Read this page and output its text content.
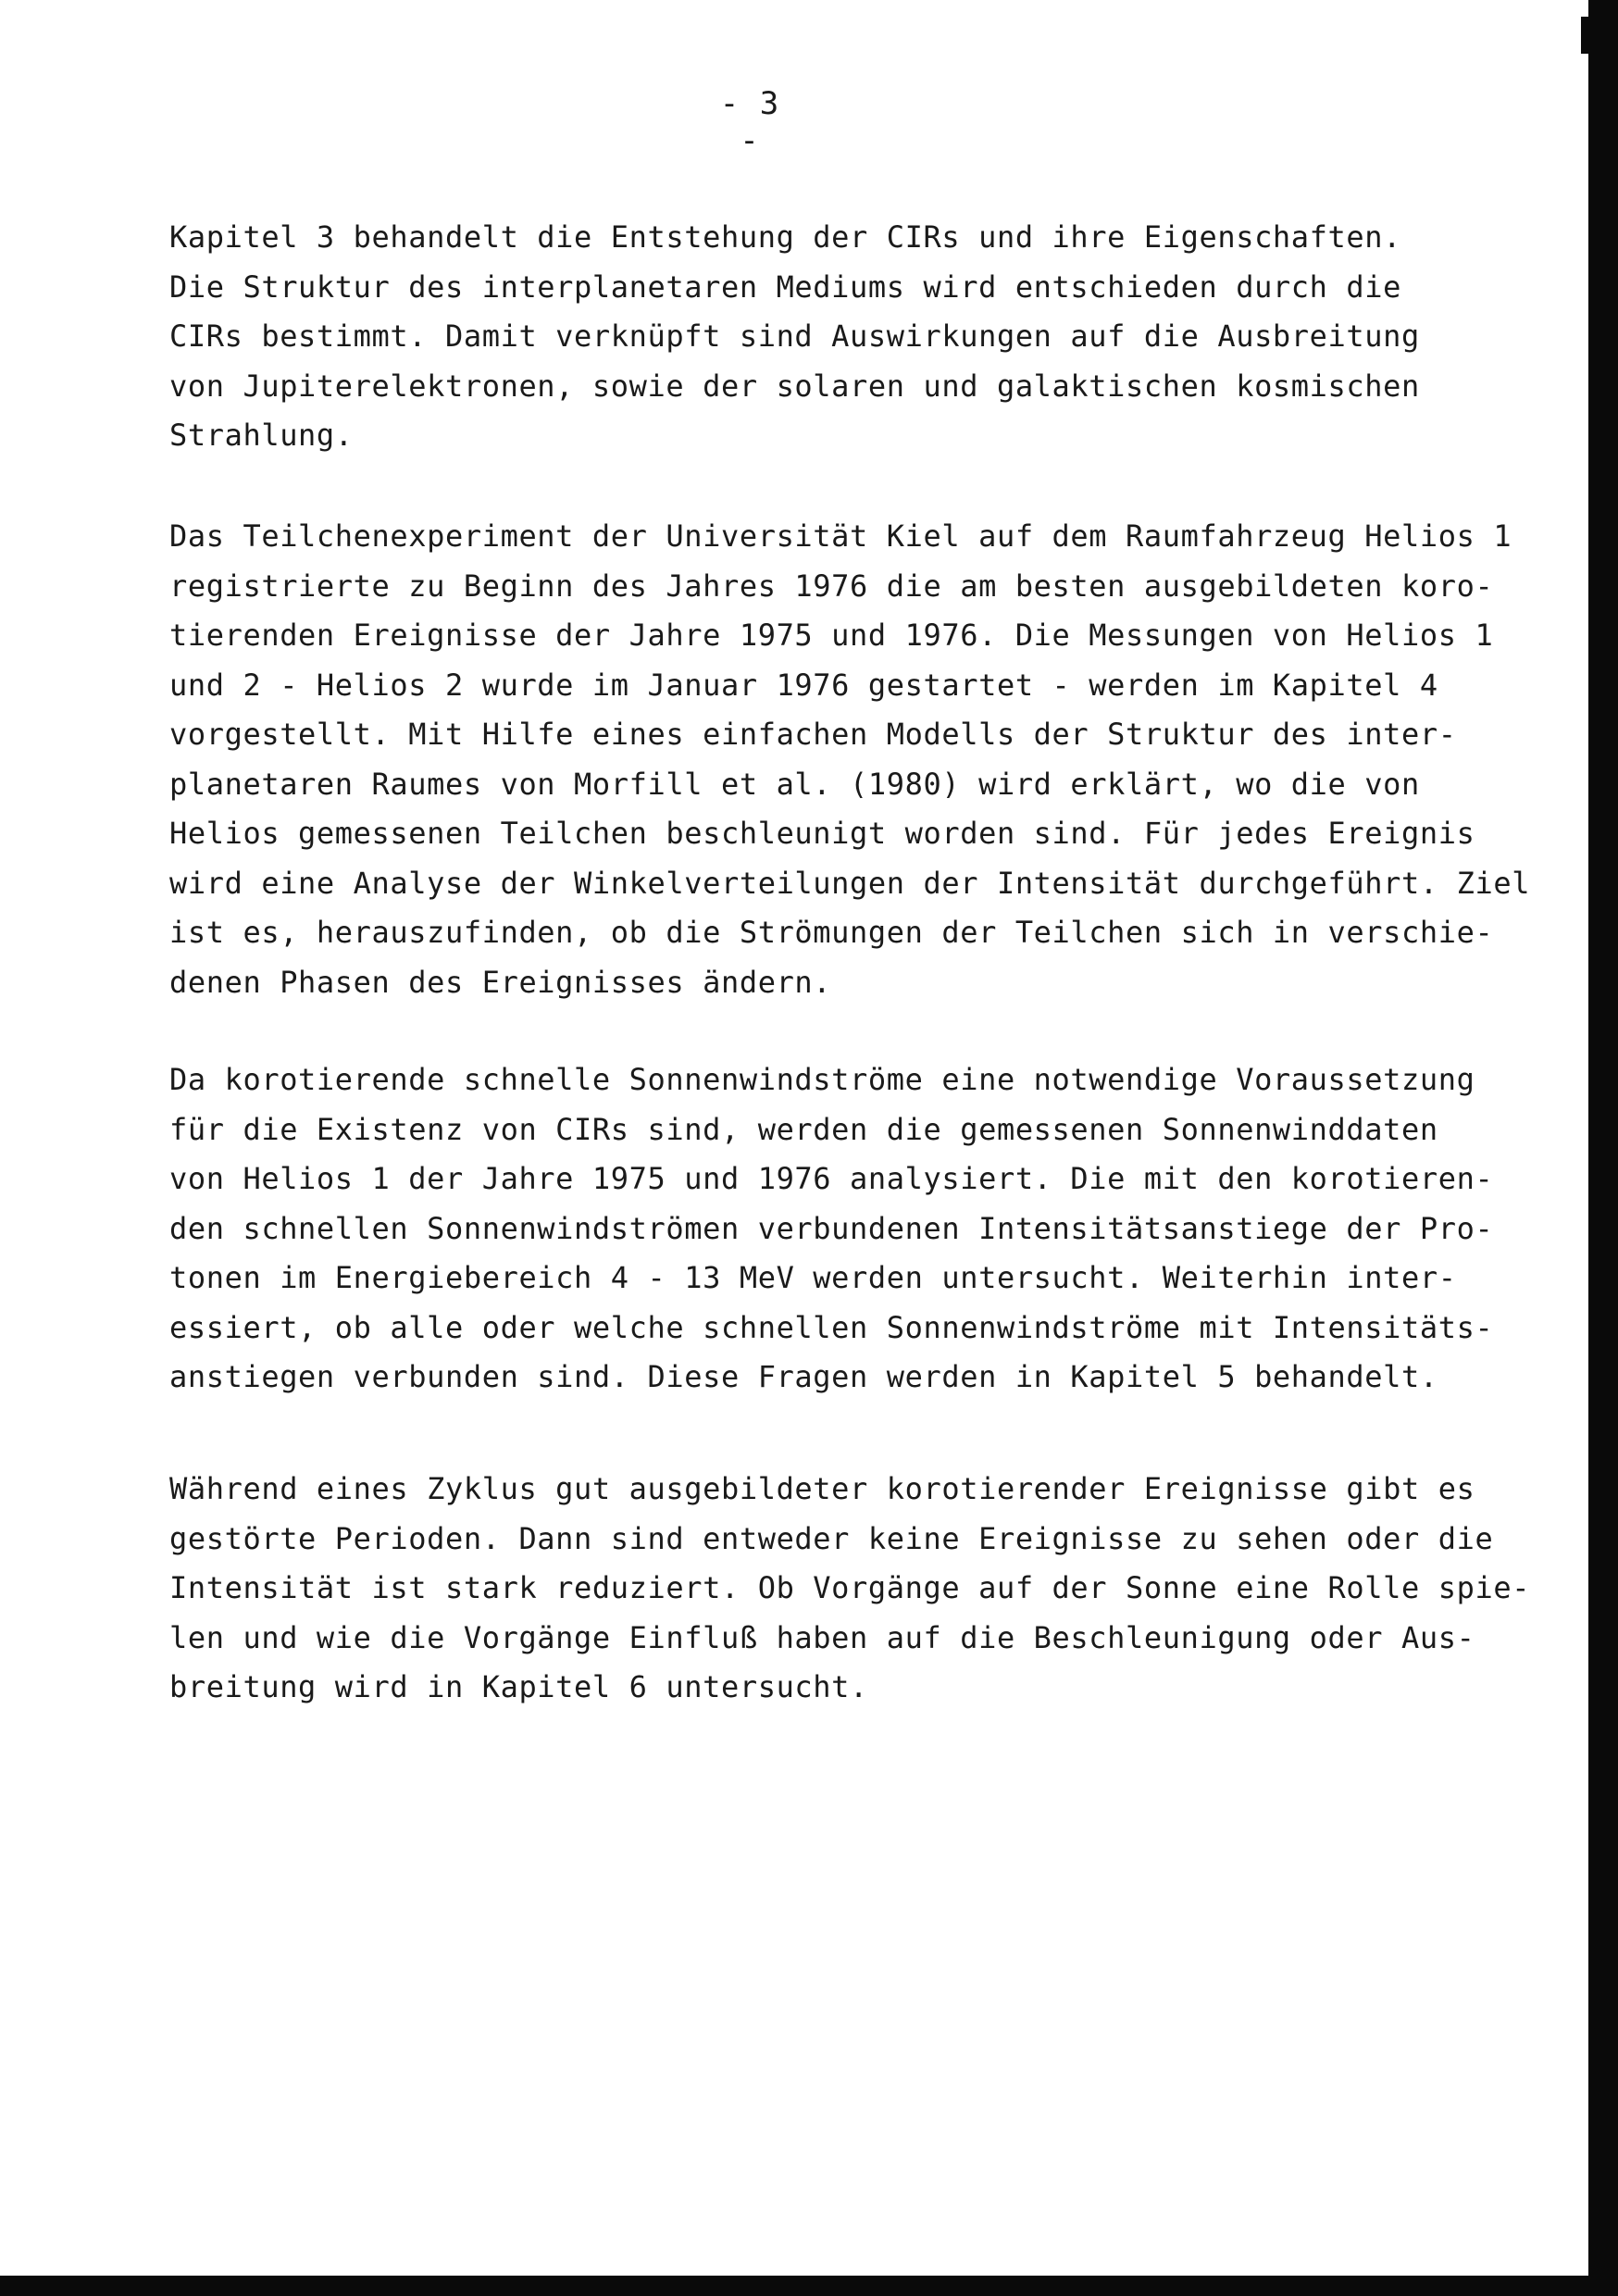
- 3 -
Kapitel 3 behandelt die Entstehung der CIRs und ihre Eigenschaften.
Die Struktur des interplanetaren Mediums wird entschieden durch die
CIRs bestimmt. Damit verknüpft sind Auswirkungen auf die Ausbreitung
von Jupiterelektronen, sowie der solaren und galaktischen kosmischen
Strahlung.
Das Teilchenexperiment der Universität Kiel auf dem Raumfahrzeug Helios 1
registrierte zu Beginn des Jahres 1976 die am besten ausgebildeten koro-
tierenden Ereignisse der Jahre 1975 und 1976. Die Messungen von Helios 1
und 2 - Helios 2 wurde im Januar 1976 gestartet - werden im Kapitel 4
vorgestellt. Mit Hilfe eines einfachen Modells der Struktur des inter-
planetaren Raumes von Morfill et al. (1980) wird erklärt, wo die von
Helios gemessenen Teilchen beschleunigt worden sind. Für jedes Ereignis
wird eine Analyse der Winkelverteilungen der Intensität durchgeführt. Ziel
ist es, herauszufinden, ob die Strömungen der Teilchen sich in verschie-
denen Phasen des Ereignisses ändern.
Da korotierende schnelle Sonnenwindströme eine notwendige Voraussetzung
für die Existenz von CIRs sind, werden die gemessenen Sonnenwinddaten
von Helios 1 der Jahre 1975 und 1976 analysiert. Die mit den korotieren-
den schnellen Sonnenwindströmen verbundenen Intensitätsanstiege der Pro-
tonen im Energiebereich 4 - 13 MeV werden untersucht. Weiterhin inter-
essiert, ob alle oder welche schnellen Sonnenwindströme mit Intensitäts-
anstiegen verbunden sind. Diese Fragen werden in Kapitel 5 behandelt.
Während eines Zyklus gut ausgebildeter korotierender Ereignisse gibt es
gestörte Perioden. Dann sind entweder keine Ereignisse zu sehen oder die
Intensität ist stark reduziert. Ob Vorgänge auf der Sonne eine Rolle spie-
len und wie die Vorgänge Einfluß haben auf die Beschleunigung oder Aus-
breitung wird in Kapitel 6 untersucht.
